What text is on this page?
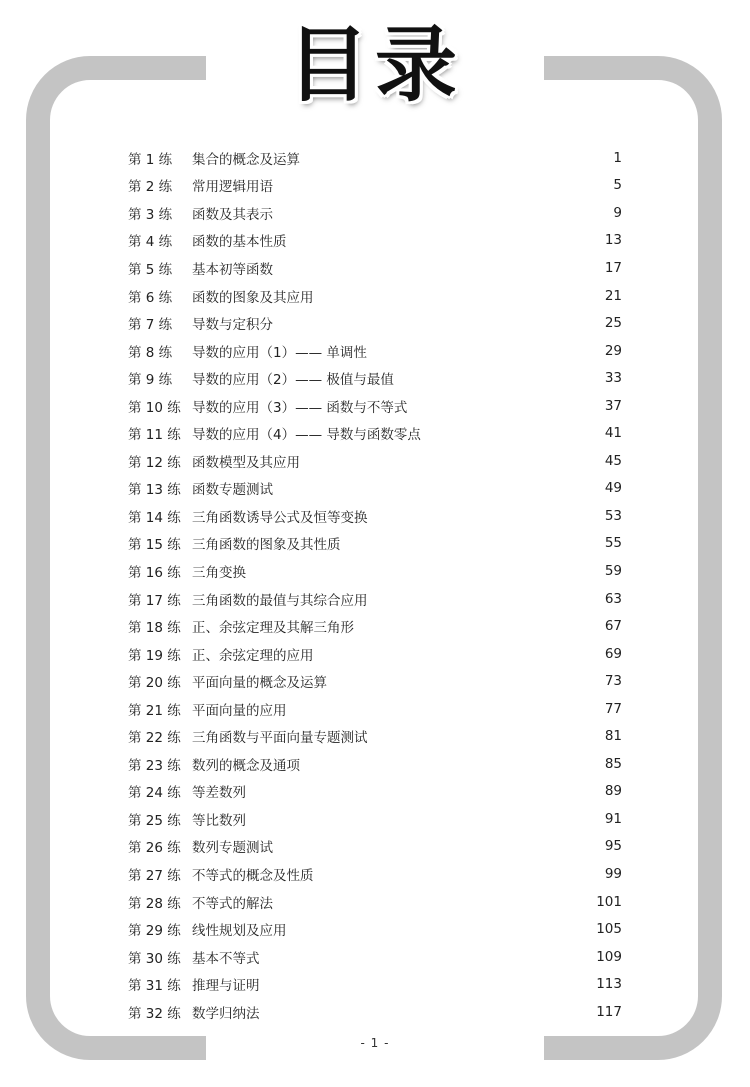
目录
第 1 练	集合的概念及运算	1
第 2 练	常用逻辑用语	5
第 3 练	函数及其表示	9
第 4 练	函数的基本性质	13
第 5 练	基本初等函数	17
第 6 练	函数的图象及其应用	21
第 7 练	导数与定积分	25
第 8 练	导数的应用（1）—— 单调性	29
第 9 练	导数的应用（2）—— 极值与最值	33
第 10 练 导数的应用（3）—— 函数与不等式	37
第 11 练 导数的应用（4）—— 导数与函数零点	41
第 12 练 函数模型及其应用	45
第 13 练 函数专题测试	49
第 14 练 三角函数诱导公式及恒等变换	53
第 15 练 三角函数的图象及其性质	55
第 16 练 三角变换	59
第 17 练 三角函数的最值与其综合应用	63
第 18 练 正、余弦定理及其解三角形	67
第 19 练 正、余弦定理的应用	69
第 20 练 平面向量的概念及运算	73
第 21 练 平面向量的应用	77
第 22 练 三角函数与平面向量专题测试	81
第 23 练 数列的概念及通项	85
第 24 练 等差数列	89
第 25 练 等比数列	91
第 26 练 数列专题测试	95
第 27 练 不等式的概念及性质	99
第 28 练 不等式的解法	101
第 29 练 线性规划及应用	105
第 30 练 基本不等式	109
第 31 练 推理与证明	113
第 32 练 数学归纳法	117
- 1 -
